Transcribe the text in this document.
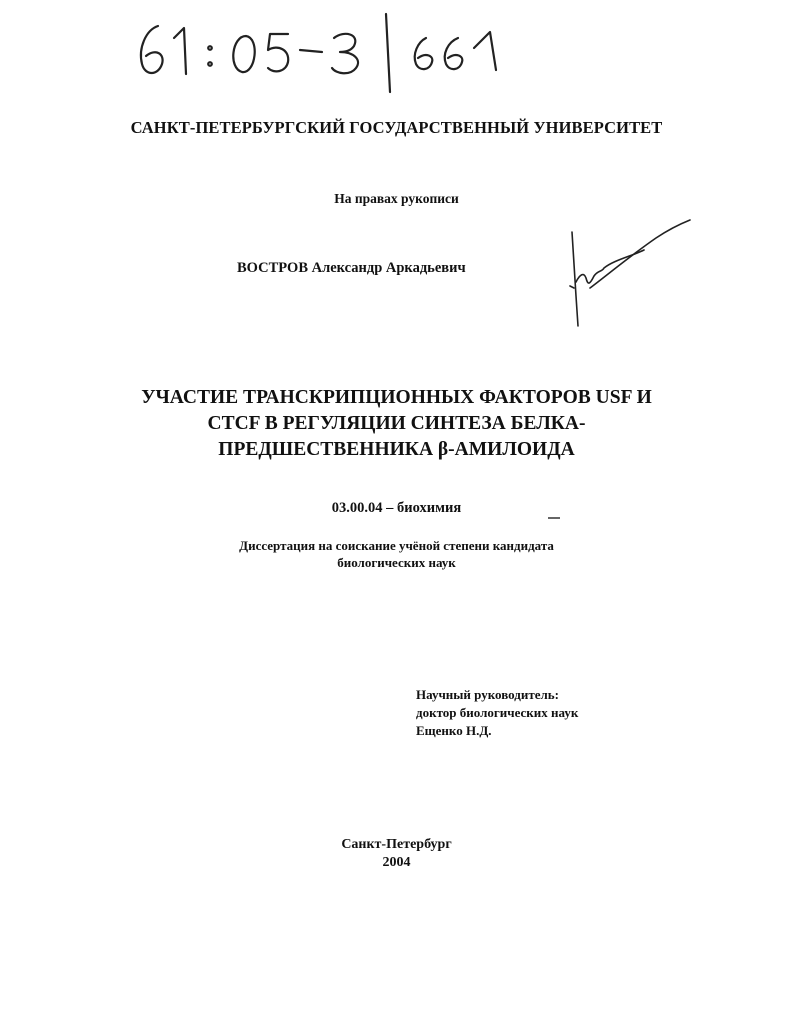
САНКТ-ПЕТЕРБУРГСКИЙ ГОСУДАРСТВЕННЫЙ УНИВЕРСИТЕТ
На правах рукописи
ВОСТРОВ Александр Аркадьевич
УЧАСТИЕ ТРАНСКРИПЦИОННЫХ ФАКТОРОВ USF И
CTCF В РЕГУЛЯЦИИ СИНТЕЗА БЕЛКА-
ПРЕДШЕСТВЕННИКА β-АМИЛОИДА
03.00.04 – биохимия
Диссертация на соискание учёной степени кандидата
биологических наук
Научный руководитель:
доктор биологических наук
Ещенко Н.Д.
Санкт-Петербург
2004
